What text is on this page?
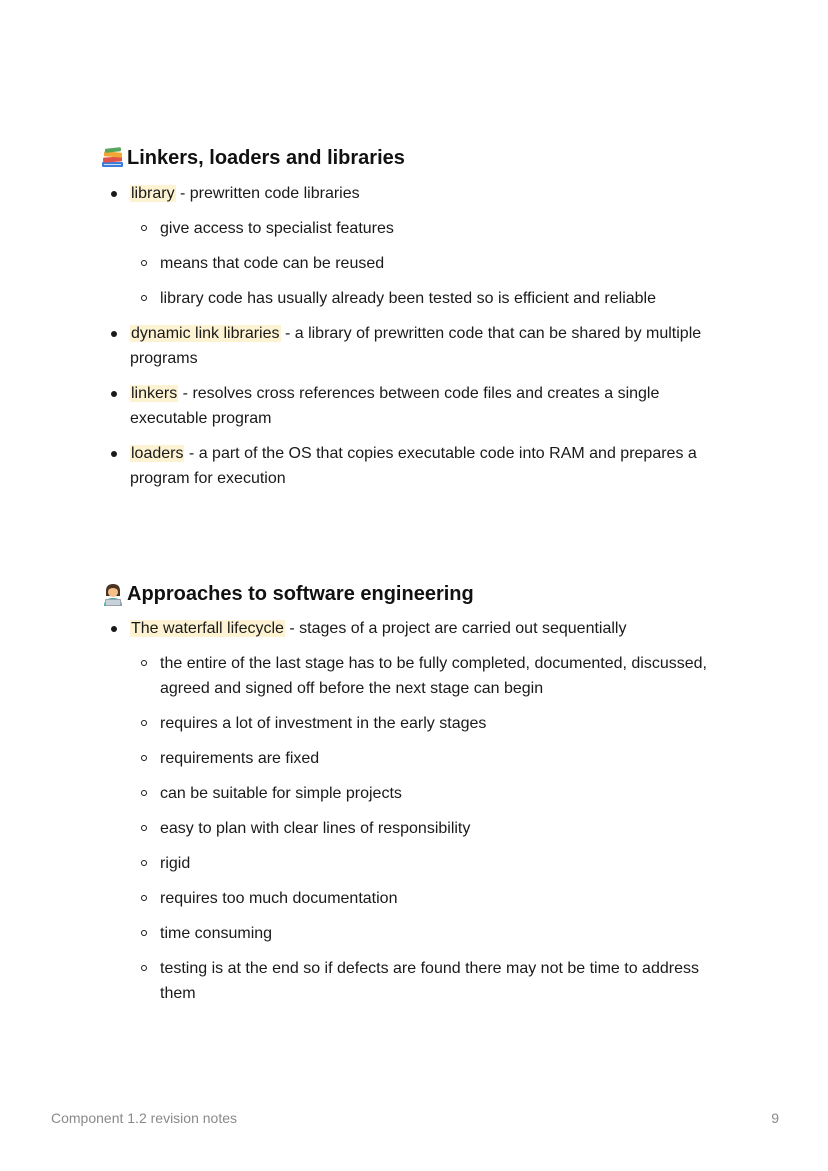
Linkers, loaders and libraries
library - prewritten code libraries
give access to specialist features
means that code can be reused
library code has usually already been tested so is efficient and reliable
dynamic link libraries - a library of prewritten code that can be shared by multiple programs
linkers - resolves cross references between code files and creates a single executable program
loaders - a part of the OS that copies executable code into RAM and prepares a program for execution
Approaches to software engineering
The waterfall lifecycle - stages of a project are carried out sequentially
the entire of the last stage has to be fully completed, documented, discussed, agreed and signed off before the next stage can begin
requires a lot of investment in the early stages
requirements are fixed
can be suitable for simple projects
easy to plan with clear lines of responsibility
rigid
requires too much documentation
time consuming
testing is at the end so if defects are found there may not be time to address them
Component 1.2 revision notes	9
